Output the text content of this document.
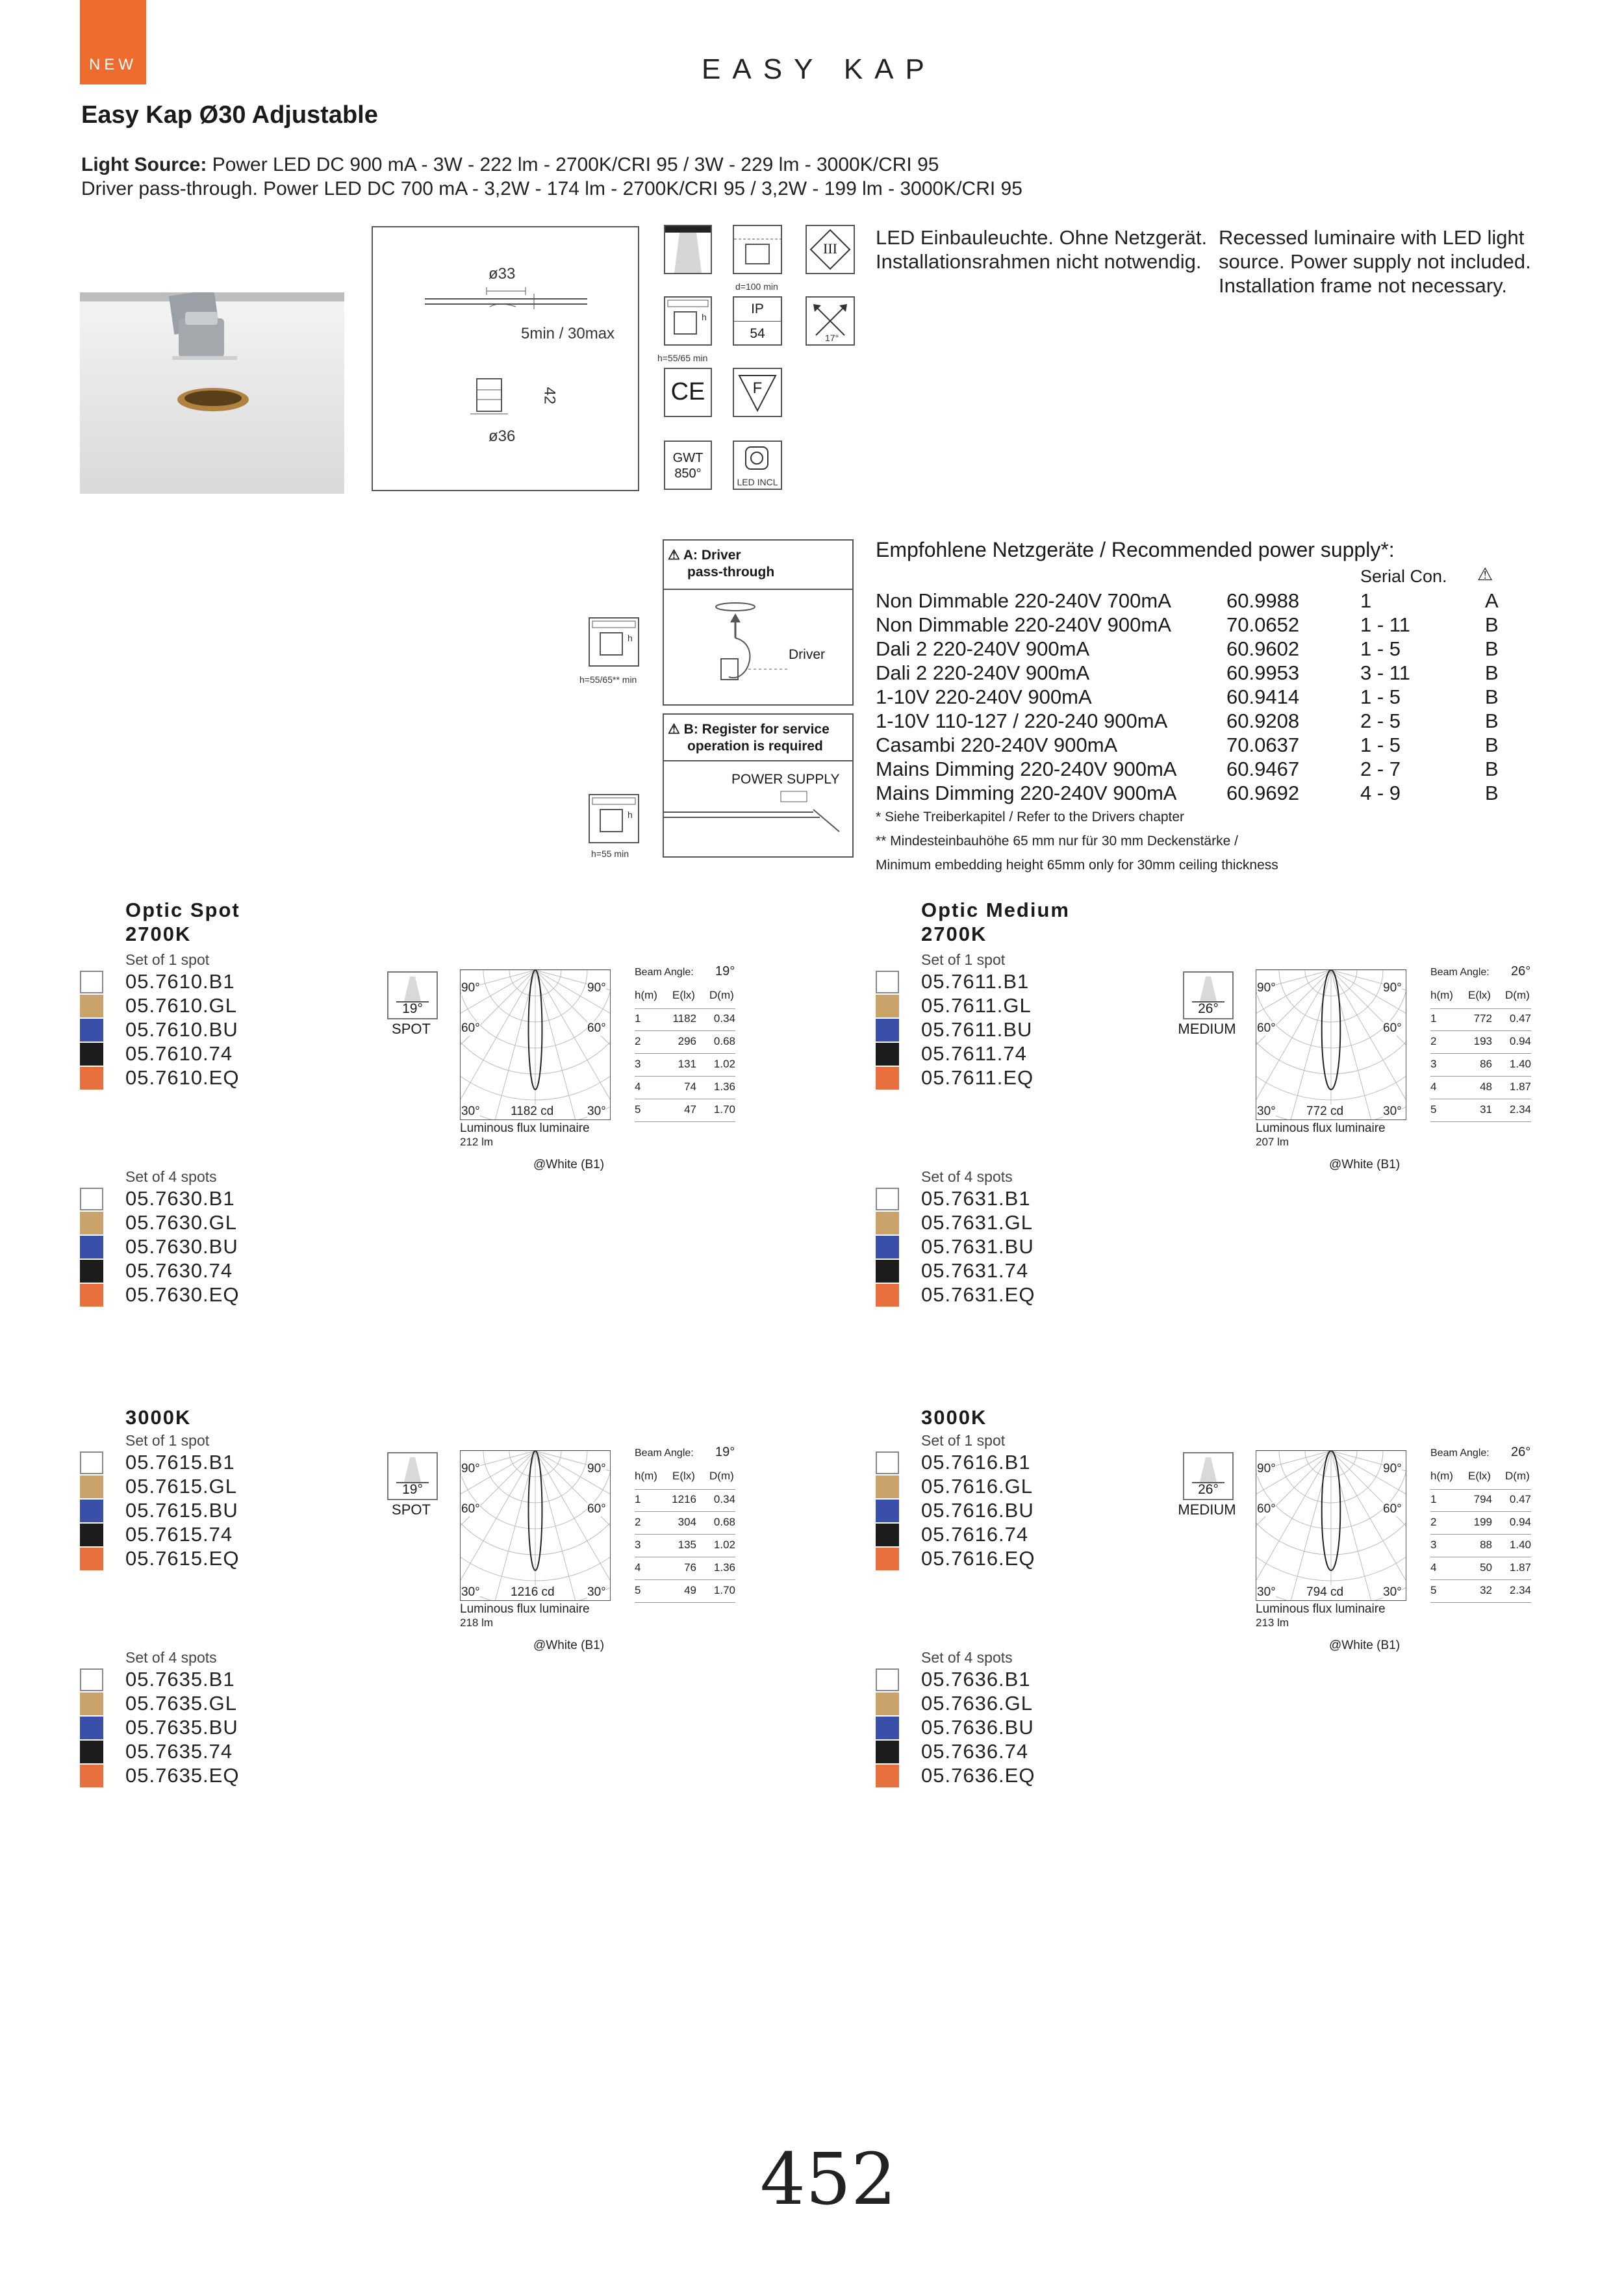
NEW	EASY KAP
Easy Kap Ø30 Adjustable
Light Source: Power LED DC 900 mA - 3W - 222 lm - 2700K/CRI 95 / 3W - 229 lm - 3000K/CRI 95
Driver pass-through. Power LED DC 700 mA - 3,2W - 174 lm - 2700K/CRI 95 / 3,2W - 199 lm - 3000K/CRI 95
ø33
5min / 30max
42
ø36
d=100 min
III
h
h=55/65 min
IP
54	17°
CE	F
GWT
850°
LED INCL
LED Einbauleuchte. Ohne Netzgerät.
Installationsrahmen nicht notwendig.
Recessed luminaire with LED light
source. Power supply not included.
Installation frame not necessary.
h
h=55/65** min
⚠ A: Driver
pass-through
Driver
h
h=55 min
⚠ B: Register for service
operation is required
POWER SUPPLY
Empfohlene Netzgeräte / Recommended power supply*:
Serial Con. ⚠
Non Dimmable 220-240V 700mA	60.9988	1	A
Non Dimmable 220-240V 900mA	70.0652	1 - 11	B
Dali 2 220-240V 900mA	60.9602	1 - 5	B
Dali 2 220-240V 900mA	60.9953	3 - 11	B
1-10V 220-240V 900mA	60.9414	1 - 5	B
1-10V 110-127 / 220-240 900mA	60.9208	2 - 5	B
Casambi 220-240V 900mA	70.0637	1 - 5	B
Mains Dimming 220-240V 900mA 60.9467	2 - 7	B
Mains Dimming 220-240V 900mA 60.9692	4 - 9	B
* Siehe Treiberkapitel / Refer to the Drivers chapter
** Mindesteinbauhöhe 65 mm nur für 30 mm Deckenstärke /
Minimum embedding height 65mm only for 30mm ceiling thickness
Optic Spot
2700K
Set of 1 spot
05.7610.B1
05.7610.GL
05.7610.BU
05.7610.74
05.7610.EQ
Set of 4 spots
05.7630.B1
05.7630.GL
05.7630.BU
05.7630.74
05.7630.EQ
19°
SPOT
90°	90°
60°	60°
30°	30°
1182 cd
Luminous flux luminaire
212 lm
@White (B1)
Beam Angle: 19°
h(m) E(lx) D(m)
1	1182 0.34
2	296 0.68
3	131 1.02
4	74 1.36
5	47 1.70
Optic Medium
2700K
Set of 1 spot
05.7611.B1
05.7611.GL
05.7611.BU
05.7611.74
05.7611.EQ
Set of 4 spots
05.7631.B1
05.7631.GL
05.7631.BU
05.7631.74
05.7631.EQ
26°
MEDIUM
90°	90°
60°	60°
30°	30°
772 cd
Luminous flux luminaire
207 lm
@White (B1)
Beam Angle: 26°
h(m) E(lx) D(m)
1	772 0.47
2	193 0.94
3	86 1.40
4	48 1.87
5	31 2.34
3000K
Set of 1 spot
05.7615.B1
05.7615.GL
05.7615.BU
05.7615.74
05.7615.EQ
Set of 4 spots
05.7635.B1
05.7635.GL
05.7635.BU
05.7635.74
05.7635.EQ
19°
SPOT
90°	90°
60°	60°
30°	30°
1216 cd
Luminous flux luminaire
218 lm
@White (B1)
Beam Angle: 19°
h(m) E(lx) D(m)
1	1216 0.34
2	304 0.68
3	135 1.02
4	76 1.36
5	49 1.70
3000K
Set of 1 spot
05.7616.B1
05.7616.GL
05.7616.BU
05.7616.74
05.7616.EQ
Set of 4 spots
05.7636.B1
05.7636.GL
05.7636.BU
05.7636.74
05.7636.EQ
26°
MEDIUM
90°	90°
60°	60°
30°	30°
794 cd
Luminous flux luminaire
213 lm
@White (B1)
Beam Angle: 26°
h(m) E(lx) D(m)
1	794 0.47
2	199 0.94
3	88 1.40
4	50 1.87
5	32 2.34
452
